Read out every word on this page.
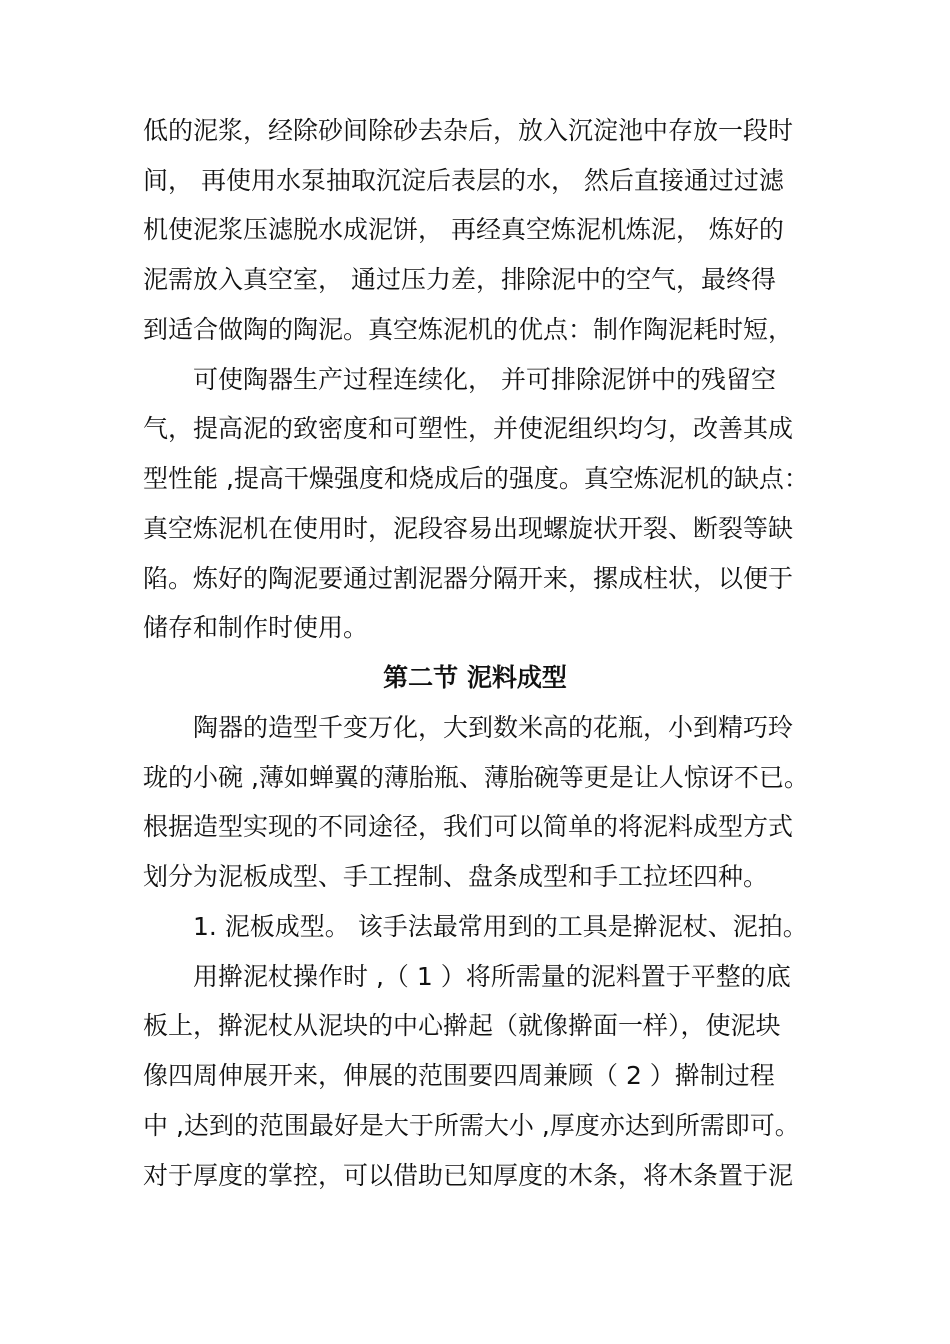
低的泥浆，经除砂间除砂去杂后，放入沉淀池中存放一段时
间， 再使用水泵抽取沉淀后表层的水， 然后直接通过过滤
机使泥浆压滤脱水成泥饼， 再经真空炼泥机炼泥， 炼好的
泥需放入真空室， 通过压力差，排除泥中的空气，最终得
到适合做陶的陶泥。真空炼泥机的优点：制作陶泥耗时短，
可使陶器生产过程连续化， 并可排除泥饼中的残留空
气，提高泥的致密度和可塑性，并使泥组织均匀，改善其成
型性能 ,提高干燥强度和烧成后的强度。真空炼泥机的缺点：
真空炼泥机在使用时，泥段容易出现螺旋状开裂、断裂等缺
陷。炼好的陶泥要通过割泥器分隔开来，摞成柱状，以便于
储存和制作时使用。
第二节 泥料成型
陶器的造型千变万化，大到数米高的花瓶，小到精巧玲
珑的小碗 ,薄如蝉翼的薄胎瓶、薄胎碗等更是让人惊讶不已。
根据造型实现的不同途径，我们可以简单的将泥料成型方式
划分为泥板成型、手工捏制、盘条成型和手工拉坯四种。
1. 泥板成型。 该手法最常用到的工具是擀泥杖、泥拍。
用擀泥杖操作时 ,（ 1 ）将所需量的泥料置于平整的底
板上，擀泥杖从泥块的中心擀起（就像擀面一样），使泥块
像四周伸展开来，伸展的范围要四周兼顾（ 2 ）擀制过程
中 ,达到的范围最好是大于所需大小 ,厚度亦达到所需即可。
对于厚度的掌控，可以借助已知厚度的木条，将木条置于泥
